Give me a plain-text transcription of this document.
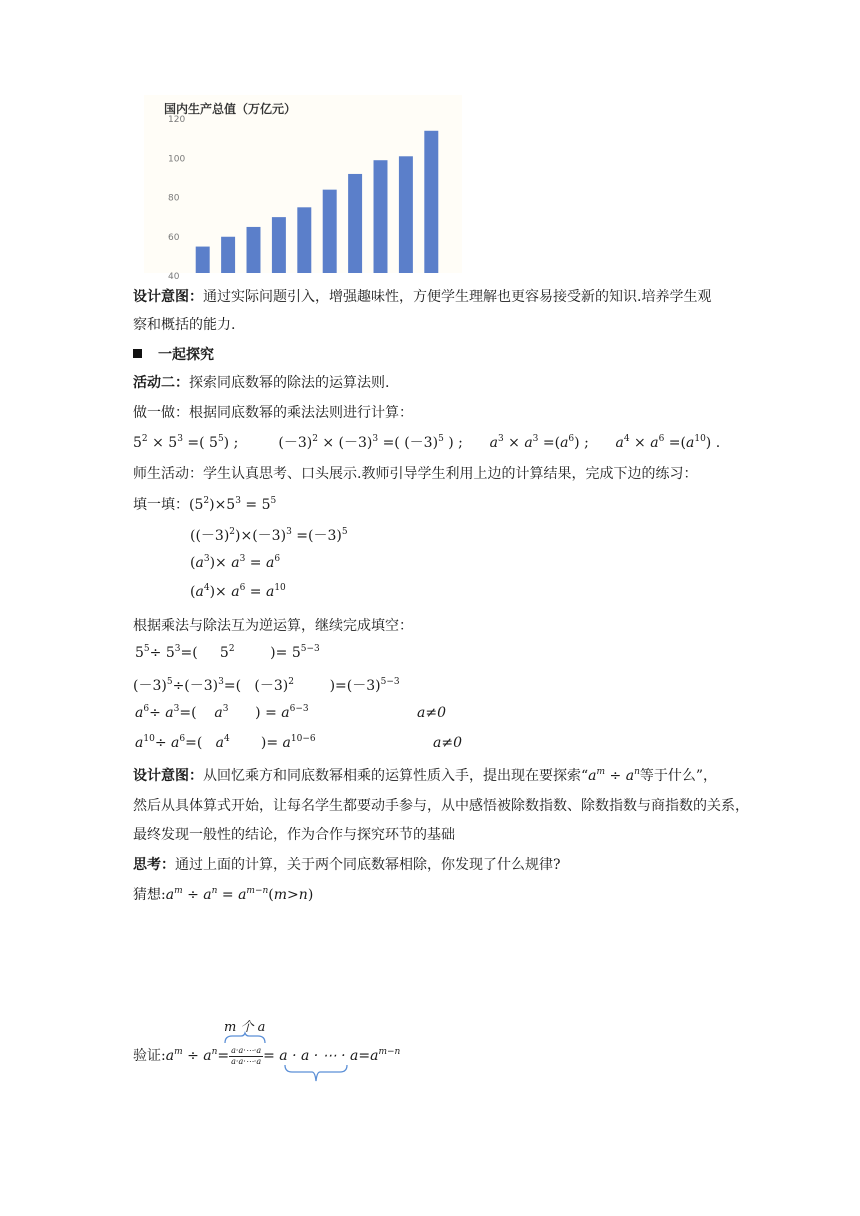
国内生产总值（万亿元）
40
60
80
100
120
设计意图：通过实际问题引入，增强趣味性，方便学生理解也更容易接受新的知识.培养学生观
察和概括的能力.
一起探究
活动二：探索同底数幂的除法的运算法则.
做一做：根据同底数幂的乘法法则进行计算：
$5^2 \times 5^3$ =( $5^5$) ;         $(-3)^2 \times (-3)^3$ =( $(-3)^5$ ) ;      $a^3 \times a^3 =(a^6)$ ;      $a^4 \times a^6 =(a^{10})$ .
师生活动：学生认真思考、口头展示.教师引导学生利用上边的计算结果，完成下边的练习：
填一填：$(5^2)\times 5^3 = 5^5$
$((-3)^2)\times(-3)^3 =(-3)^5$
$(a^3)\times a^3 = a^6$
$(a^4)\times a^6 = a^{10}$
根据乘法与除法互为逆运算，继续完成填空：
$5^5\div 5^3=$(     $5^2$        )= $5^{5-3}$
$(-3)^5\div(-3)^3=$(   $(-3)^2$        )$=(-3)^{5-3}$
$a^6\div a^3=$(    $a^3$      ) = $a^{6-3}$	a≠0
$a^{10}\div a^6=$(   $a^4$       )= $a^{10-6}$	a≠0
设计意图：从回忆乘方和同底数幂相乘的运算性质入手，提出现在要探索“$a^m \div a^n$等于什么”，
然后从具体算式开始，让每名学生都要动手参与，从中感悟被除数指数、除数指数与商指数的关系，
最终发现一般性的结论，作为合作与探究环节的基础
思考：通过上面的计算，关于两个同底数幂相除，你发现了什么规律?
猜想$:a^m \div a^n = a^{m-n}(m>n)$
m 个 a
验证$:a^m \div a^n= \frac{a\cdot a\cdot\cdots\cdot a}{a\cdot a\cdot\cdots\cdot a} = a \cdot a$ · ⋯ · $a=a^{m-n}$
